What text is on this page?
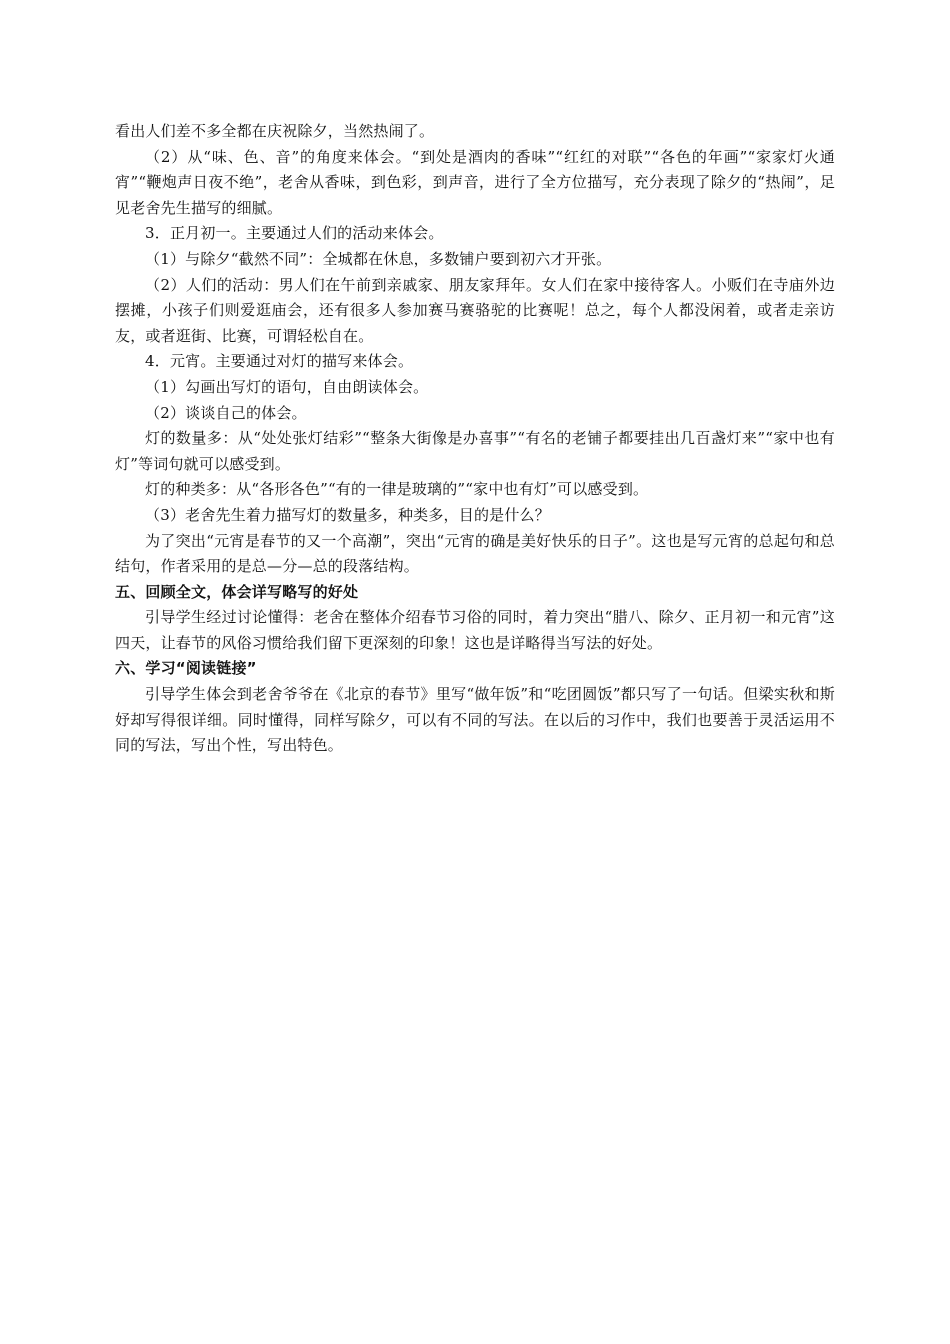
看出人们差不多全都在庆祝除夕，当然热闹了。

（2）从“味、色、音”的角度来体会。“到处是酒肉的香味”“红红的对联”“各色的年画”“家家灯火通宵”“鞭炮声日夜不绝”，老舍从香味，到色彩，到声音，进行了全方位描写，充分表现了除夕的“热闹”，足见老舍先生描写的细腻。

3．正月初一。主要通过人们的活动来体会。

（1）与除夕“截然不同”：全城都在休息，多数铺户要到初六才开张。

（2）人们的活动：男人们在午前到亲戚家、朋友家拜年。女人们在家中接待客人。小贩们在寺庙外边摆摊，小孩子们则爱逛庙会，还有很多人参加赛马赛骆驼的比赛呢！总之，每个人都没闲着，或者走亲访友，或者逛街、比赛，可谓轻松自在。

4．元宵。主要通过对灯的描写来体会。

（1）勾画出写灯的语句，自由朗读体会。

（2）谈谈自己的体会。

灯的数量多：从“处处张灯结彩”“整条大街像是办喜事”“有名的老铺子都要挂出几百盏灯来”“家中也有灯”等词句就可以感受到。

灯的种类多：从“各形各色”“有的一律是玻璃的”“家中也有灯”可以感受到。

（3）老舍先生着力描写灯的数量多，种类多，目的是什么？

为了突出“元宵是春节的又一个高潮”，突出“元宵的确是美好快乐的日子”。这也是写元宵的总起句和总结句，作者采用的是总—分—总的段落结构。

五、回顾全文，体会详写略写的好处

引导学生经过讨论懂得：老舍在整体介绍春节习俗的同时，着力突出“腊八、除夕、正月初一和元宵”这四天，让春节的风俗习惯给我们留下更深刻的印象！这也是详略得当写法的好处。

六、学习“阅读链接”

引导学生体会到老舍爷爷在《北京的春节》里写“做年饭”和“吃团圆饭”都只写了一句话。但梁实秋和斯妤却写得很详细。同时懂得，同样写除夕，可以有不同的写法。在以后的习作中，我们也要善于灵活运用不同的写法，写出个性，写出特色。
